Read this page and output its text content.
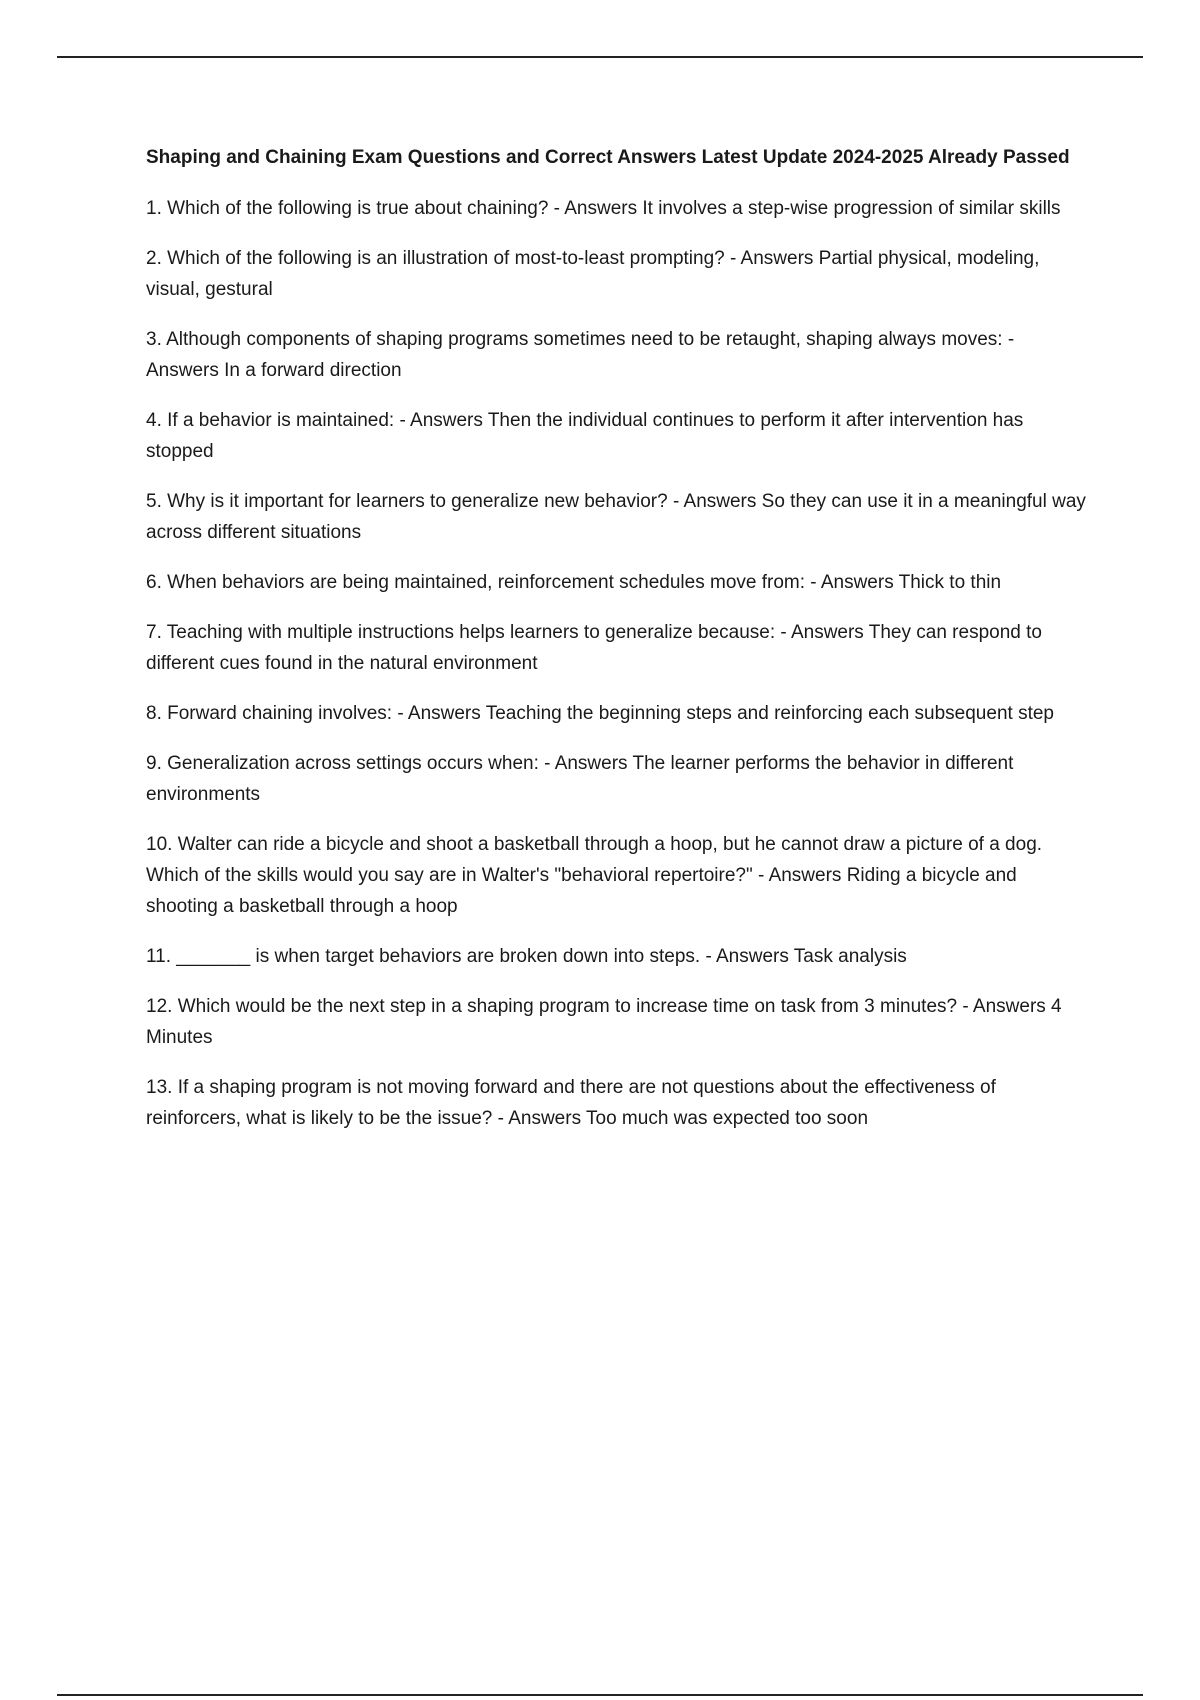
Shaping and Chaining Exam Questions and Correct Answers Latest Update 2024-2025 Already Passed
1. Which of the following is true about chaining? - Answers It involves a step-wise progression of similar skills
2. Which of the following is an illustration of most-to-least prompting? - Answers Partial physical, modeling, visual, gestural
3. Although components of shaping programs sometimes need to be retaught, shaping always moves: - Answers In a forward direction
4. If a behavior is maintained: - Answers Then the individual continues to perform it after intervention has stopped
5. Why is it important for learners to generalize new behavior? - Answers So they can use it in a meaningful way across different situations
6. When behaviors are being maintained, reinforcement schedules move from: - Answers Thick to thin
7. Teaching with multiple instructions helps learners to generalize because: - Answers They can respond to different cues found in the natural environment
8. Forward chaining involves: - Answers Teaching the beginning steps and reinforcing each subsequent step
9. Generalization across settings occurs when: - Answers The learner performs the behavior in different environments
10. Walter can ride a bicycle and shoot a basketball through a hoop, but he cannot draw a picture of a dog. Which of the skills would you say are in Walter's "behavioral repertoire?" - Answers Riding a bicycle and shooting a basketball through a hoop
11. _______ is when target behaviors are broken down into steps. - Answers Task analysis
12. Which would be the next step in a shaping program to increase time on task from 3 minutes? - Answers 4 Minutes
13. If a shaping program is not moving forward and there are not questions about the effectiveness of reinforcers, what is likely to be the issue? - Answers Too much was expected too soon
